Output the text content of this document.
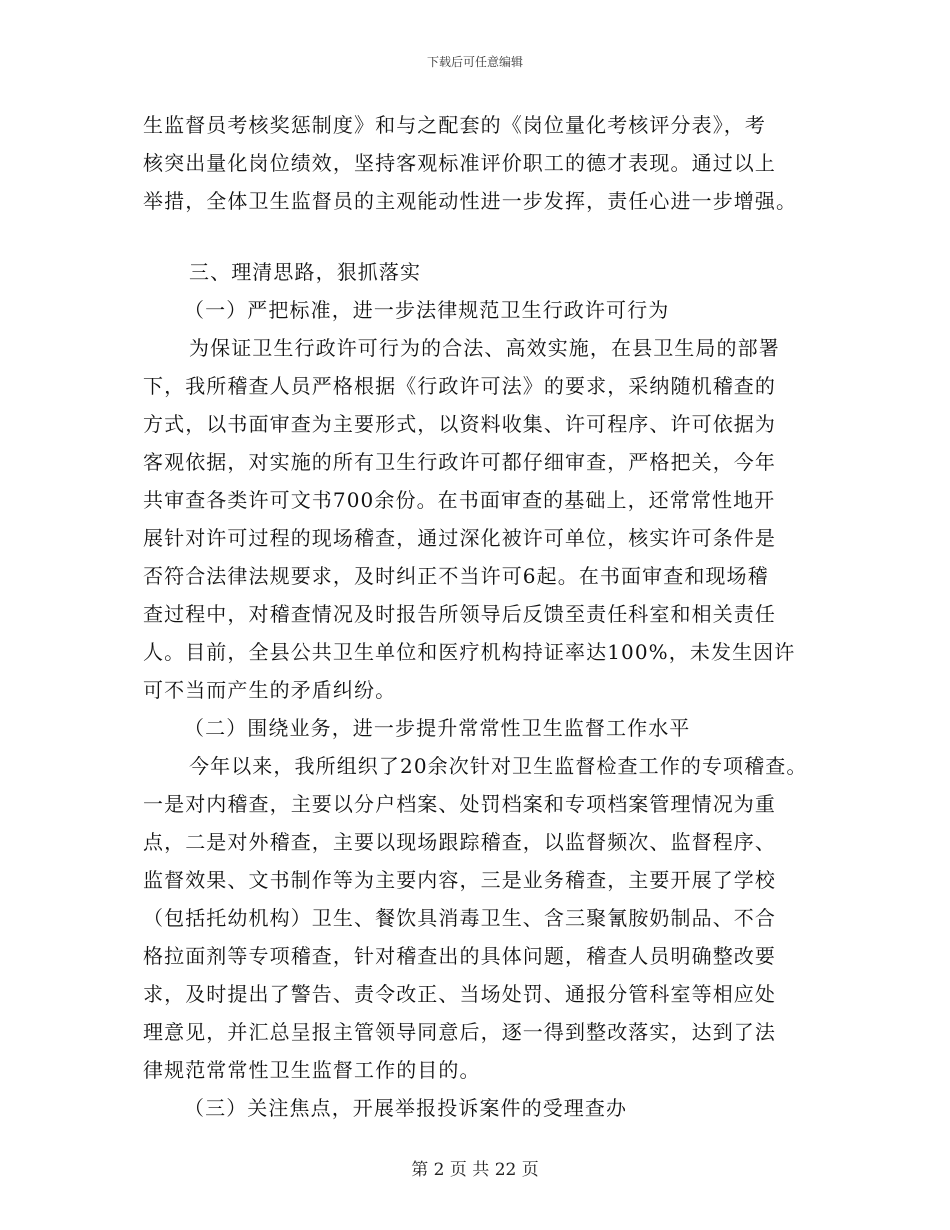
下载后可任意编辑
生监督员考核奖惩制度》和与之配套的《岗位量化考核评分表》，考
核突出量化岗位绩效，坚持客观标准评价职工的德才表现。通过以上
举措，全体卫生监督员的主观能动性进一步发挥，责任心进一步增强。
三、理清思路，狠抓落实
（一）严把标准，进一步法律规范卫生行政许可行为
为保证卫生行政许可行为的合法、高效实施，在县卫生局的部署
下，我所稽查人员严格根据《行政许可法》的要求，采纳随机稽查的
方式，以书面审查为主要形式，以资料收集、许可程序、许可依据为
客观依据，对实施的所有卫生行政许可都仔细审查，严格把关，今年
共审查各类许可文书700余份。在书面审查的基础上，还常常性地开
展针对许可过程的现场稽查，通过深化被许可单位，核实许可条件是
否符合法律法规要求，及时纠正不当许可6起。在书面审查和现场稽
查过程中，对稽查情况及时报告所领导后反馈至责任科室和相关责任
人。目前，全县公共卫生单位和医疗机构持证率达100%，未发生因许
可不当而产生的矛盾纠纷。
（二）围绕业务，进一步提升常常性卫生监督工作水平
今年以来，我所组织了20余次针对卫生监督检查工作的专项稽查。
一是对内稽查，主要以分户档案、处罚档案和专项档案管理情况为重
点，二是对外稽查，主要以现场跟踪稽查，以监督频次、监督程序、
监督效果、文书制作等为主要内容，三是业务稽查，主要开展了学校
（包括托幼机构）卫生、餐饮具消毒卫生、含三聚氰胺奶制品、不合
格拉面剂等专项稽查，针对稽查出的具体问题，稽查人员明确整改要
求，及时提出了警告、责令改正、当场处罚、通报分管科室等相应处
理意见，并汇总呈报主管领导同意后，逐一得到整改落实，达到了法
律规范常常性卫生监督工作的目的。
（三）关注焦点，开展举报投诉案件的受理查办
第 2 页 共 22 页
